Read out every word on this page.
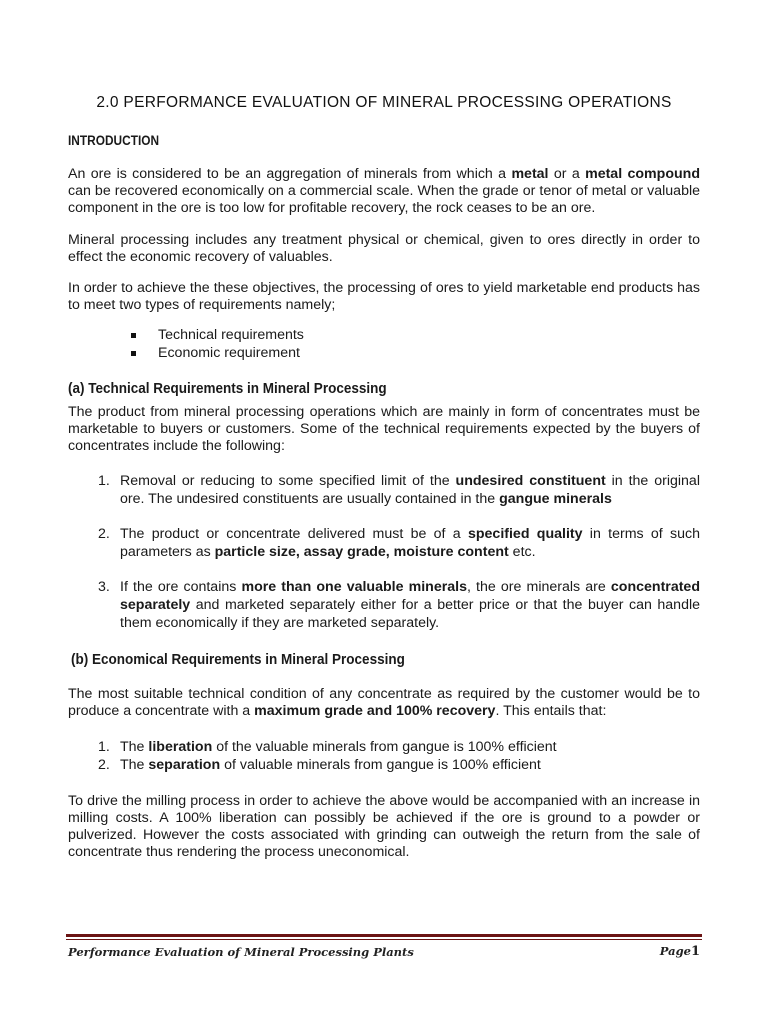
2.0 PERFORMANCE EVALUATION OF MINERAL PROCESSING OPERATIONS
INTRODUCTION

An ore is considered to be an aggregation of minerals from which a metal or a metal compound can be recovered economically on a commercial scale. When the grade or tenor of metal or valuable component in the ore is too low for profitable recovery, the rock ceases to be an ore.

Mineral processing includes any treatment physical or chemical, given to ores directly in order to effect the economic recovery of valuables.

In order to achieve the these objectives, the processing of ores to yield marketable end products has to meet two types of requirements namely;

Technical requirements
Economic requirement
(a) Technical Requirements in Mineral Processing

The product from mineral processing operations which are mainly in form of concentrates must be marketable to buyers or customers. Some of the technical requirements expected by the buyers of concentrates include the following:

1. Removal or reducing to some specified limit of the undesired constituent in the original ore. The undesired constituents are usually contained in the gangue minerals
2. The product or concentrate delivered must be of a specified quality in terms of such parameters as particle size, assay grade, moisture content etc.
3. If the ore contains more than one valuable minerals, the ore minerals are concentrated separately and marketed separately either for a better price or that the buyer can handle them economically if they are marketed separately.
(b) Economical Requirements in Mineral Processing

The most suitable technical condition of any concentrate as required by the customer would be to produce a concentrate with a maximum grade and 100% recovery. This entails that:

1. The liberation of the valuable minerals from gangue is 100% efficient
2. The separation of valuable minerals from gangue is 100% efficient

To drive the milling process in order to achieve the above would be accompanied with an increase in milling costs. A 100% liberation can possibly be achieved if the ore is ground to a powder or pulverized. However the costs associated with grinding can outweigh the return from the sale of concentrate thus rendering the process uneconomical.

Performance Evaluation of Mineral Processing Plants	Page1
